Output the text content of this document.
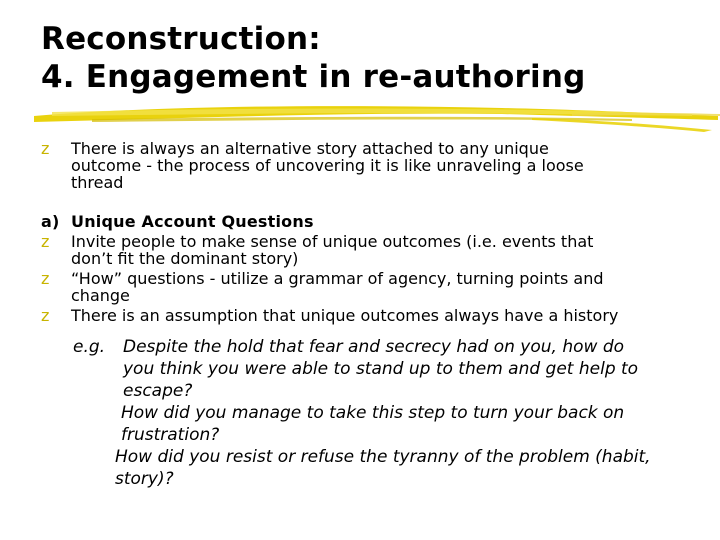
Reconstruction:
4. Engagement in re-authoring
z There is always an alternative story attached to any unique
outcome - the process of uncovering it is like unraveling a loose
thread
a) Unique Account Questions
z Invite people to make sense of unique outcomes (i.e. events that
don’t fit the dominant story)
z “How” questions - utilize a grammar of agency, turning points and
change
z There is an assumption that unique outcomes always have a history
e.g. Despite the hold that fear and secrecy had on you, how do
you think you were able to stand up to them and get help to
escape?
How did you manage to take this step to turn your back on
frustration?
How did you resist or refuse the tyranny of the problem (habit,
story)?
